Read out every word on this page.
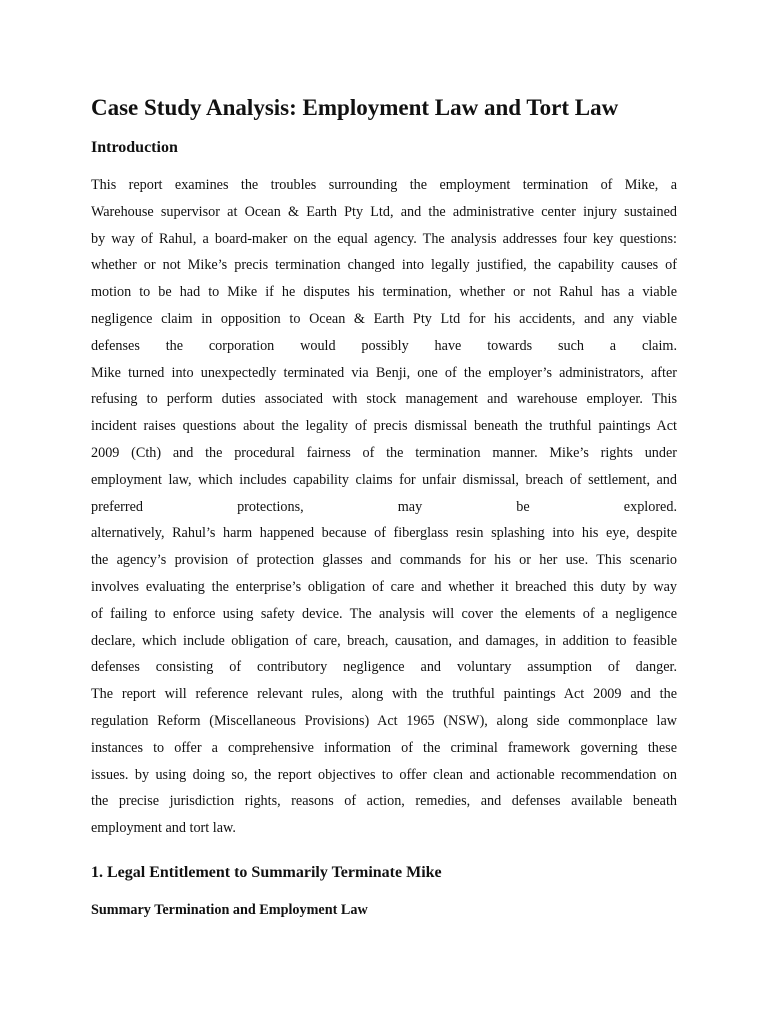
Case Study Analysis: Employment Law and Tort Law
Introduction
This report examines the troubles surrounding the employment termination of Mike, a
Warehouse supervisor at Ocean & Earth Pty Ltd, and the administrative center injury sustained
by way of Rahul, a board-maker on the equal agency. The analysis addresses four key questions:
whether or not Mike’s precis termination changed into legally justified, the capability causes of
motion to be had to Mike if he disputes his termination, whether or not Rahul has a viable
negligence claim in opposition to Ocean & Earth Pty Ltd for his accidents, and any viable
defenses the corporation would possibly have towards such a claim.
Mike turned into unexpectedly terminated via Benji, one of the employer’s administrators, after
refusing to perform duties associated with stock management and warehouse employer. This
incident raises questions about the legality of precis dismissal beneath the truthful paintings Act
2009 (Cth) and the procedural fairness of the termination manner. Mike’s rights under
employment law, which includes capability claims for unfair dismissal, breach of settlement, and
preferred protections, may be explored.
alternatively, Rahul’s harm happened because of fiberglass resin splashing into his eye, despite
the agency’s provision of protection glasses and commands for his or her use. This scenario
involves evaluating the enterprise’s obligation of care and whether it breached this duty by way
of failing to enforce using safety device. The analysis will cover the elements of a negligence
declare, which include obligation of care, breach, causation, and damages, in addition to feasible
defenses consisting of contributory negligence and voluntary assumption of danger.
The report will reference relevant rules, along with the truthful paintings Act 2009 and the
regulation Reform (Miscellaneous Provisions) Act 1965 (NSW), along side commonplace law
instances to offer a comprehensive information of the criminal framework governing these
issues. by using doing so, the report objectives to offer clean and actionable recommendation on
the precise jurisdiction rights, reasons of action, remedies, and defenses available beneath
employment and tort law.
1. Legal Entitlement to Summarily Terminate Mike
Summary Termination and Employment Law
